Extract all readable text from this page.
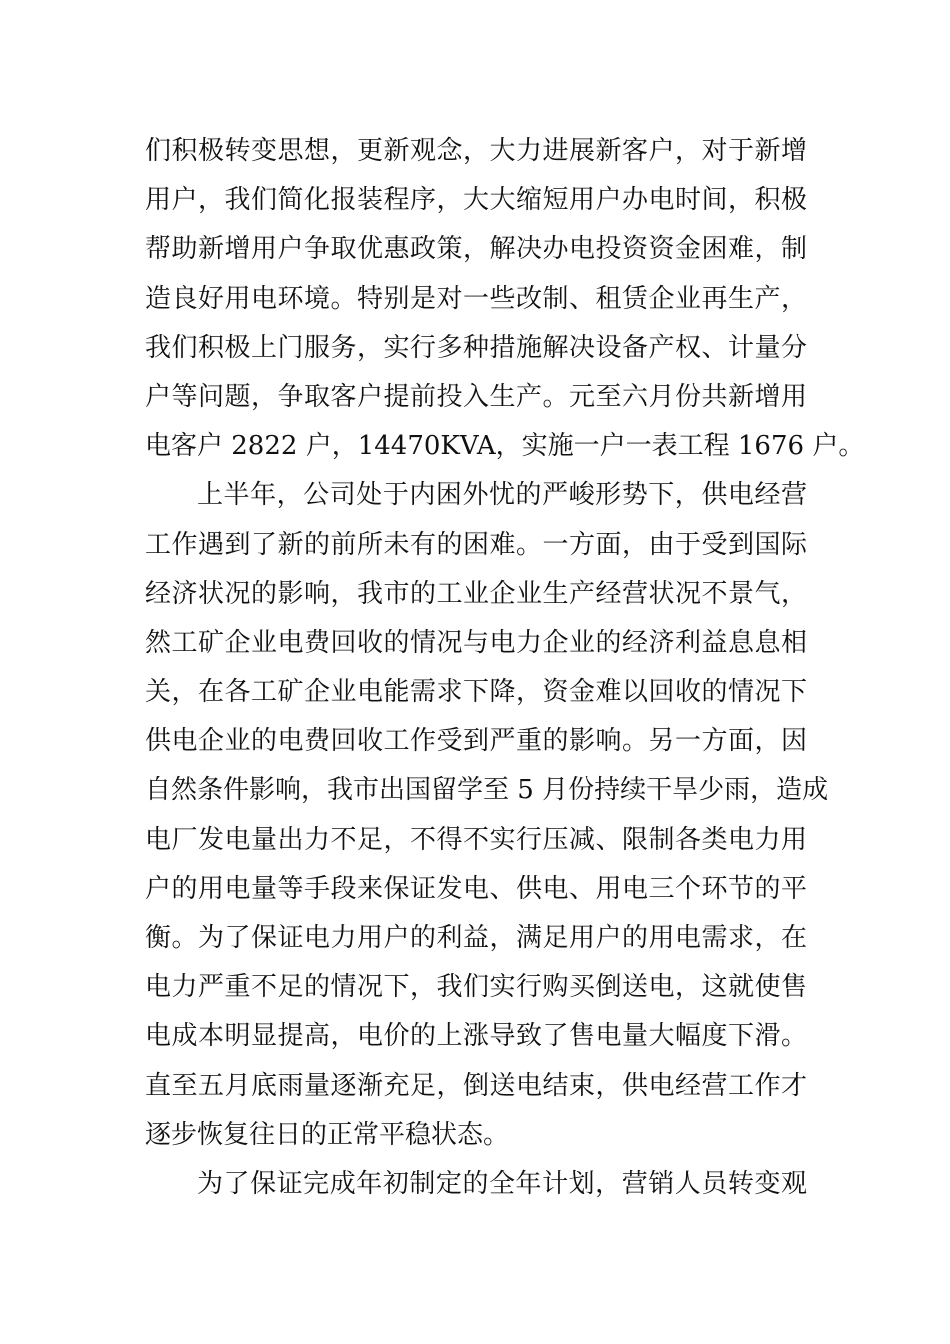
们积极转变思想，更新观念，大力进展新客户，对于新增
用户，我们简化报装程序，大大缩短用户办电时间，积极
帮助新增用户争取优惠政策，解决办电投资资金困难，制
造良好用电环境。特别是对一些改制、租赁企业再生产，
我们积极上门服务，实行多种措施解决设备产权、计量分
户等问题，争取客户提前投入生产。元至六月份共新增用
电客户 2822 户，14470KVA，实施一户一表工程 1676 户。
上半年，公司处于内困外忧的严峻形势下，供电经营
工作遇到了新的前所未有的困难。一方面，由于受到国际
经济状况的影响，我市的工业企业生产经营状况不景气，
然工矿企业电费回收的情况与电力企业的经济利益息息相
关，在各工矿企业电能需求下降，资金难以回收的情况下
供电企业的电费回收工作受到严重的影响。另一方面，因
自然条件影响，我市出国留学至 5 月份持续干旱少雨，造成
电厂发电量出力不足，不得不实行压减、限制各类电力用
户的用电量等手段来保证发电、供电、用电三个环节的平
衡。为了保证电力用户的利益，满足用户的用电需求，在
电力严重不足的情况下，我们实行购买倒送电，这就使售
电成本明显提高，电价的上涨导致了售电量大幅度下滑。
直至五月底雨量逐渐充足，倒送电结束，供电经营工作才
逐步恢复往日的正常平稳状态。
为了保证完成年初制定的全年计划，营销人员转变观
